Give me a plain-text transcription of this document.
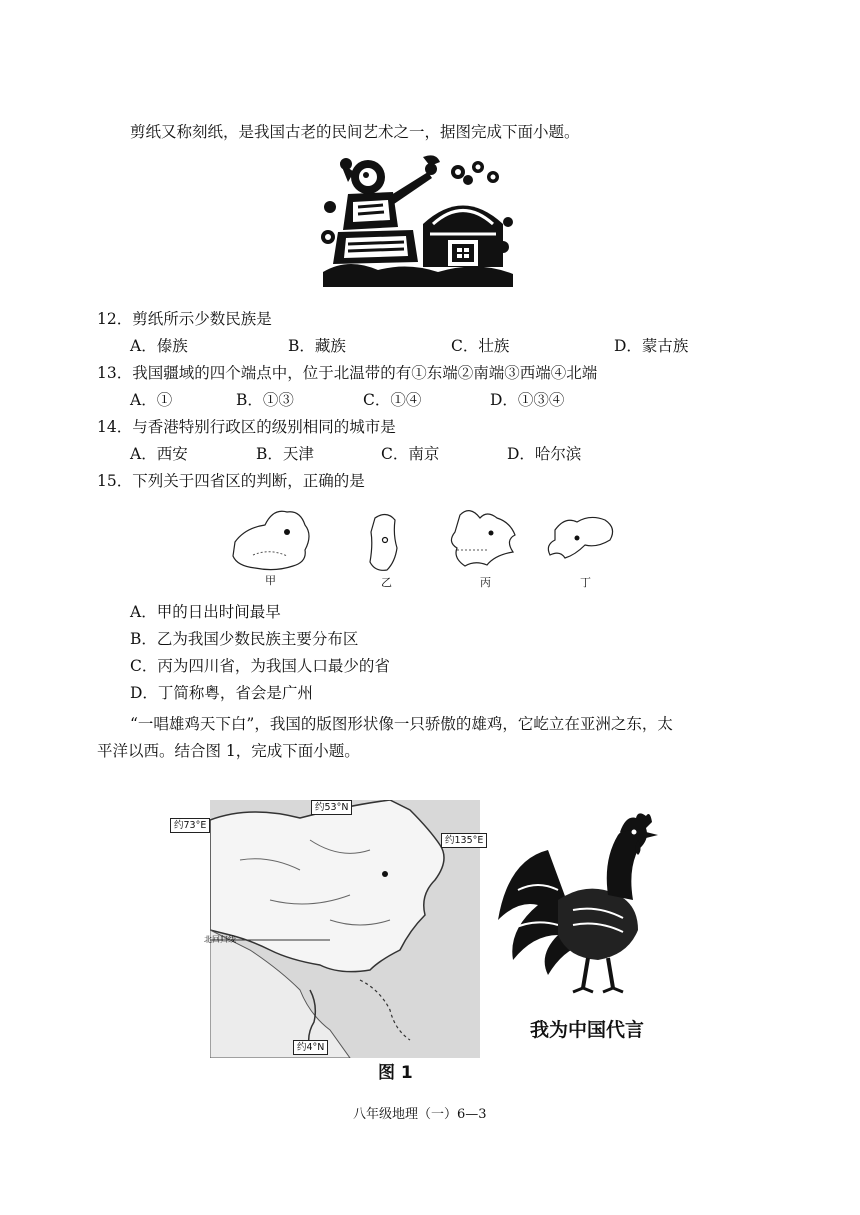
剪纸又称刻纸，是我国古老的民间艺术之一，据图完成下面小题。
12．剪纸所示少数民族是
A．傣族	B．藏族	C．壮族	D．蒙古族
13．我国疆域的四个端点中，位于北温带的有①东端②南端③西端④北端
A．①	B．①③	C．①④	D．①③④
14．与香港特别行政区的级别相同的城市是
A．西安	B．天津	C．南京	D．哈尔滨
15．下列关于四省区的判断，正确的是
甲	乙	丙	丁
A．甲的日出时间最早
B．乙为我国少数民族主要分布区
C．丙为四川省，为我国人口最少的省
D．丁简称粤，省会是广州
“一唱雄鸡天下白”，我国的版图形状像一只骄傲的雄鸡，它屹立在亚洲之东，太
平洋以西。结合图 1，完成下面小题。
北回归线
约53°N
约73°E
约135°E
约4°N
我为中国代言
图 1
八年级地理（一）6—3
